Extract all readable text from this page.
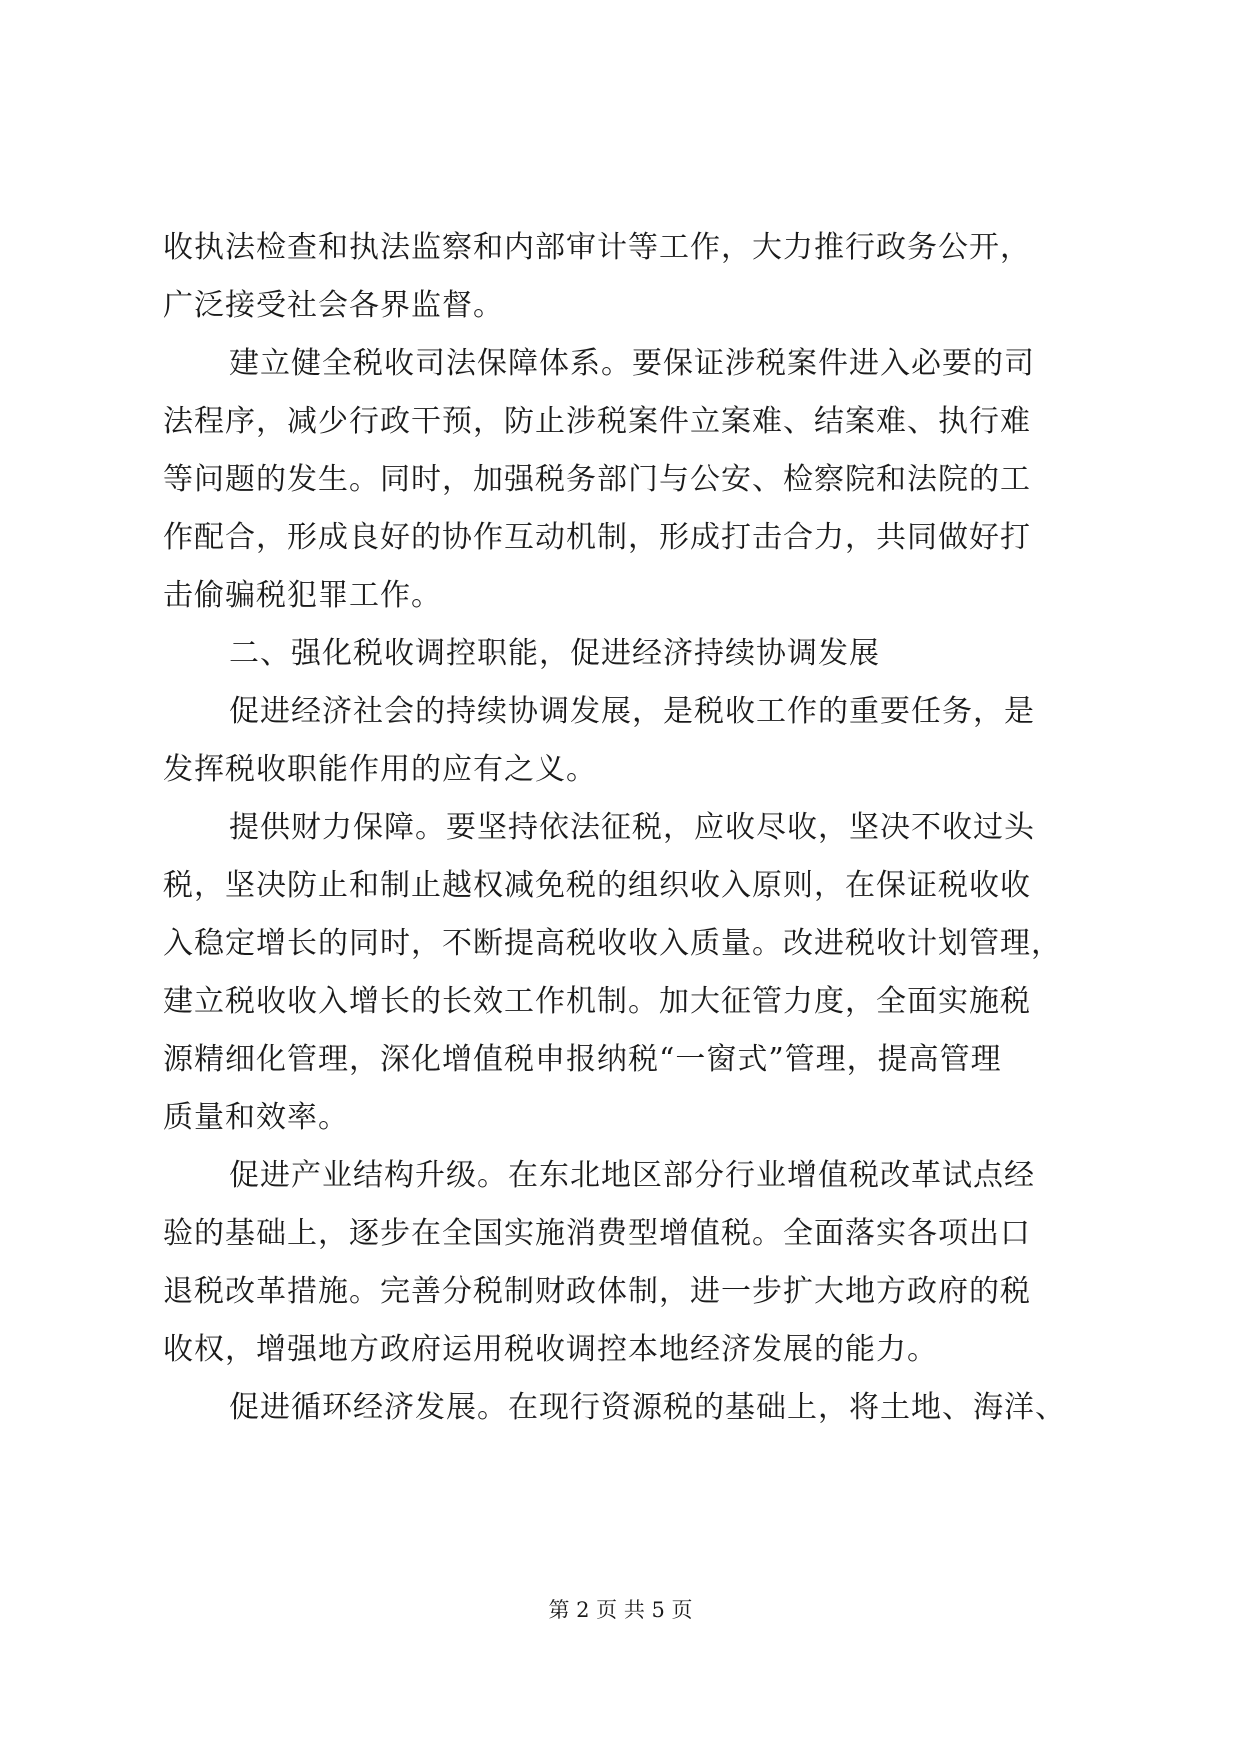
收执法检查和执法监察和内部审计等工作，大力推行政务公开，
广泛接受社会各界监督。
建立健全税收司法保障体系。要保证涉税案件进入必要的司
法程序，减少行政干预，防止涉税案件立案难、结案难、执行难
等问题的发生。同时，加强税务部门与公安、检察院和法院的工
作配合，形成良好的协作互动机制，形成打击合力，共同做好打
击偷骗税犯罪工作。
二、强化税收调控职能，促进经济持续协调发展
促进经济社会的持续协调发展，是税收工作的重要任务，是
发挥税收职能作用的应有之义。
提供财力保障。要坚持依法征税，应收尽收，坚决不收过头
税，坚决防止和制止越权减免税的组织收入原则，在保证税收收
入稳定增长的同时，不断提高税收收入质量。改进税收计划管理，
建立税收收入增长的长效工作机制。加大征管力度，全面实施税
源精细化管理，深化增值税申报纳税“一窗式”管理，提高管理
质量和效率。
促进产业结构升级。在东北地区部分行业增值税改革试点经
验的基础上，逐步在全国实施消费型增值税。全面落实各项出口
退税改革措施。完善分税制财政体制，进一步扩大地方政府的税
收权，增强地方政府运用税收调控本地经济发展的能力。
促进循环经济发展。在现行资源税的基础上，将土地、海洋、
第 2 页 共 5 页
